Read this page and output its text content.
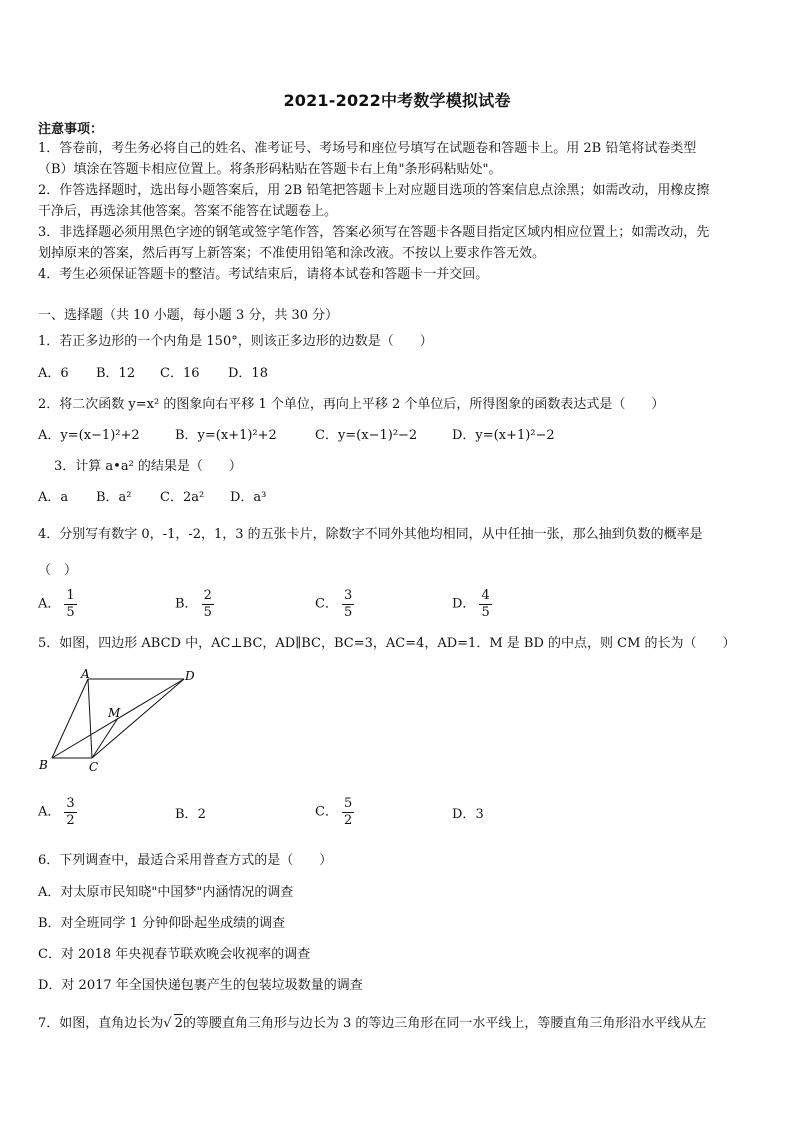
2021-2022中考数学模拟试卷
注意事项：
1．答卷前，考生务必将自己的姓名、准考证号、考场号和座位号填写在试题卷和答题卡上。用 2B 铅笔将试卷类型
（B）填涂在答题卡相应位置上。将条形码粘贴在答题卡右上角"条形码粘贴处"。
2．作答选择题时，选出每小题答案后，用 2B 铅笔把答题卡上对应题目选项的答案信息点涂黑；如需改动，用橡皮擦
干净后，再选涂其他答案。答案不能答在试题卷上。
3．非选择题必须用黑色字迹的钢笔或签字笔作答，答案必须写在答题卡各题目指定区域内相应位置上；如需改动，先
划掉原来的答案，然后再写上新答案；不准使用铅笔和涂改液。不按以上要求作答无效。
4．考生必须保证答题卡的整洁。考试结束后，请将本试卷和答题卡一并交回。
一、选择题（共 10 小题，每小题 3 分，共 30 分）
1．若正多边形的一个内角是 150°，则该正多边形的边数是（　　）
A．6 B．12 C．16 D．18
2．将二次函数 y=x² 的图象向右平移 1 个单位，再向上平移 2 个单位后，所得图象的函数表达式是（　　）
A．y=(x−1)²+2	B．y=(x+1)²+2	C．y=(x−1)²−2	D．y=(x+1)²−2
3．计算 a•a² 的结果是（　　）
A．a B．a² C．2a² D．a³
4．分别写有数字 0，-1，-2，1，3 的五张卡片，除数字不同外其他均相同，从中任抽一张，那么抽到负数的概率是
（　）
A． $\frac{1}{5}$	B． $\frac{2}{5}$	C． $\frac{3}{5}$	D． $\frac{4}{5}$
5．如图，四边形 ABCD 中，AC⊥BC，AD∥BC，BC=3，AC=4，AD=1．M 是 BD 的中点，则 CM 的长为（　　）
A
B	C
D
M
A． $\frac{3}{2}$	B．2	C． $\frac{5}{2}$	D．3
6．下列调查中，最适合采用普查方式的是（　　）
A．对太原市民知晓"中国梦"内涵情况的调查
B．对全班同学 1 分钟仰卧起坐成绩的调查
C．对 2018 年央视春节联欢晚会收视率的调查
D．对 2017 年全国快递包裹产生的包装垃圾数量的调查
7．如图，直角边长为√ 2的等腰直角三角形与边长为 3 的等边三角形在同一水平线上，等腰直角三角形沿水平线从左
